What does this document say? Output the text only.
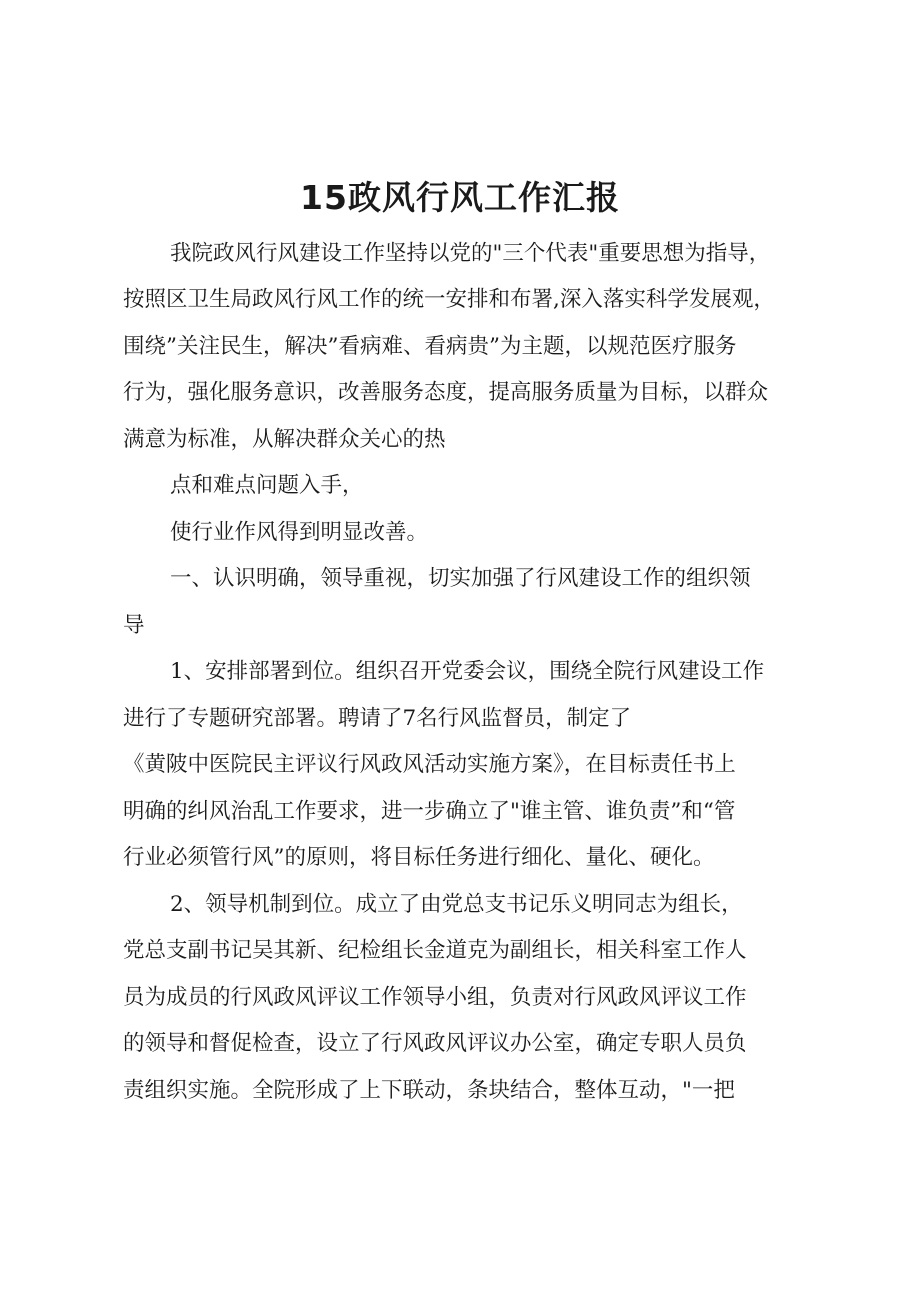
15政风行风工作汇报

我院政风行风建设工作坚持以党的"三个代表"重要思想为指导，

按照区卫生局政风行风工作的统一安排和布署,深入落实科学发展观，

围绕”关注民生，解决”看病难、看病贵”为主题，以规范医疗服务

行为，强化服务意识，改善服务态度，提高服务质量为目标，以群众

满意为标准，从解决群众关心的热

点和难点问题入手，

使行业作风得到明显改善。

一、认识明确，领导重视，切实加强了行风建设工作的组织领

导

1、安排部署到位。组织召开党委会议，围绕全院行风建设工作

进行了专题研究部署。聘请了7名行风监督员，制定了

《黄陂中医院民主评议行风政风活动实施方案》，在目标责任书上

明确的纠风治乱工作要求，进一步确立了"谁主管、谁负责”和“管

行业必须管行风”的原则，将目标任务进行细化、量化、硬化。

2、领导机制到位。成立了由党总支书记乐义明同志为组长，

党总支副书记吴其新、纪检组长金道克为副组长，相关科室工作人

员为成员的行风政风评议工作领导小组，负责对行风政风评议工作

的领导和督促检查，设立了行风政风评议办公室，确定专职人员负

责组织实施。全院形成了上下联动，条块结合，整体互动，"一把
